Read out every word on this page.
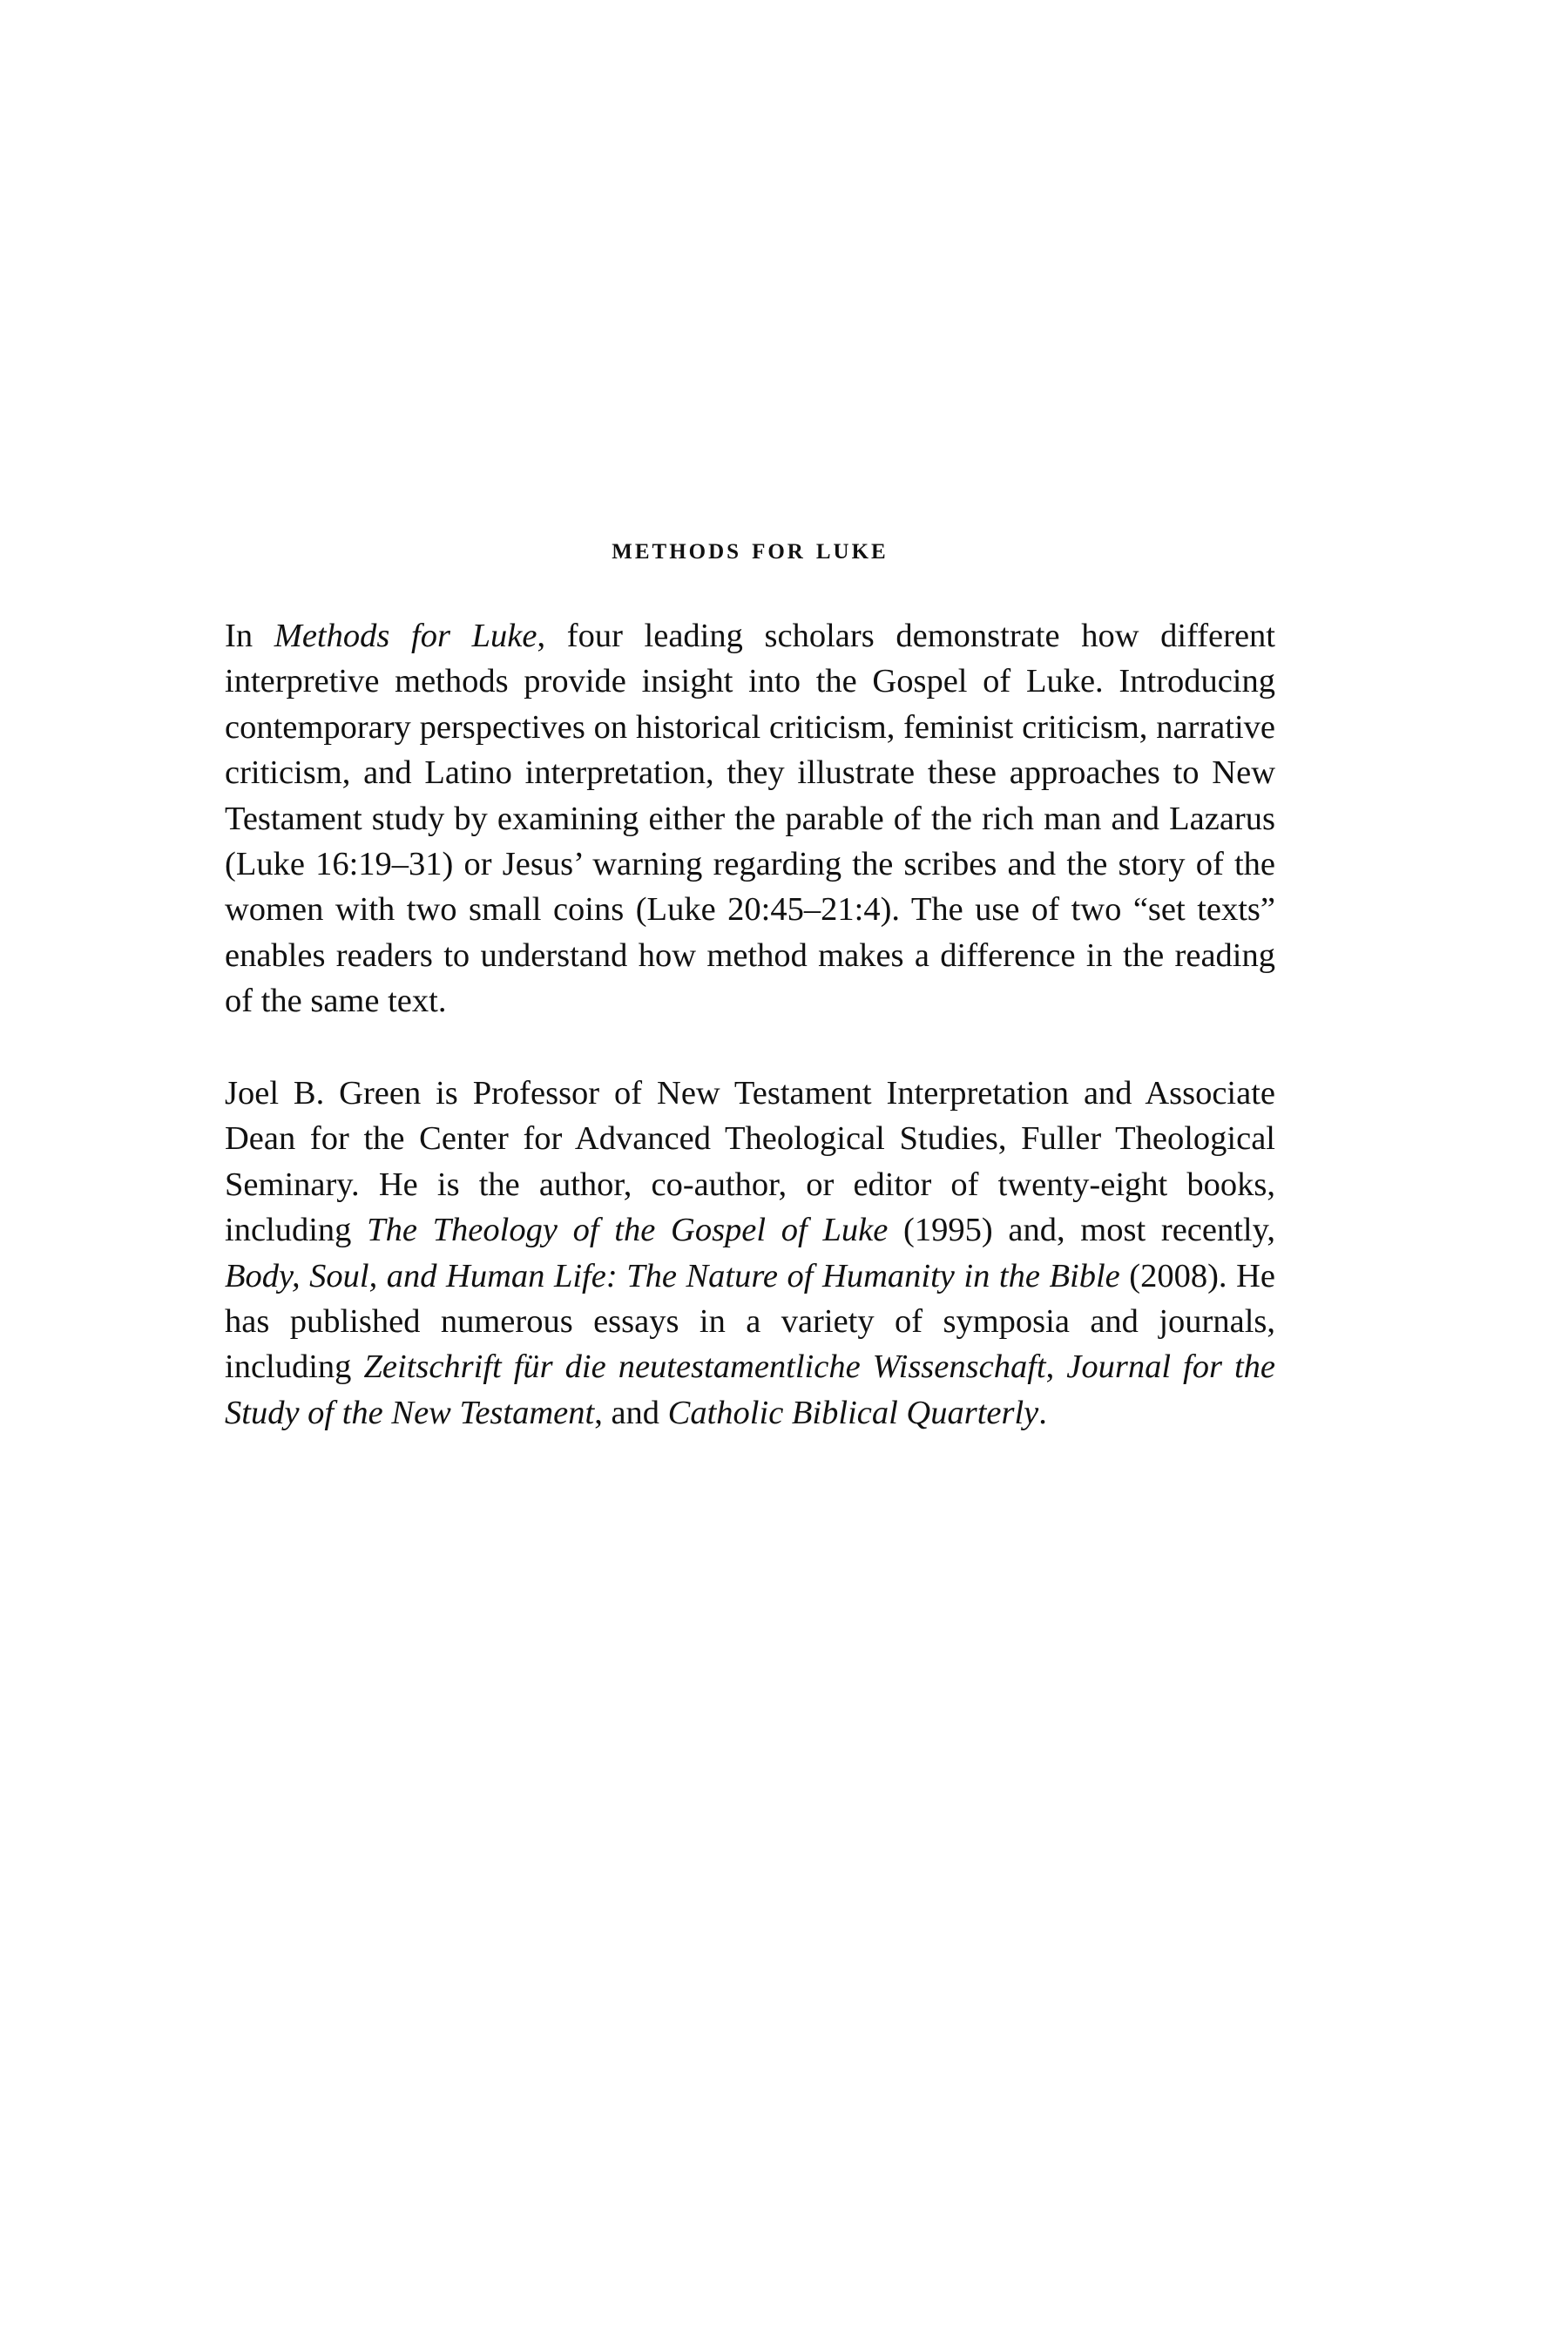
methods for luke

In Methods for Luke, four leading scholars demonstrate how different interpretive methods provide insight into the Gospel of Luke. Introducing contemporary perspectives on historical criticism, feminist criticism, narrative criticism, and Latino interpretation, they illustrate these approaches to New Testament study by examining either the parable of the rich man and Lazarus (Luke 16:19–31) or Jesus’ warning regarding the scribes and the story of the women with two small coins (Luke 20:45–21:4). The use of two “set texts” enables readers to understand how method makes a difference in the reading of the same text.

Joel B. Green is Professor of New Testament Interpretation and Associate Dean for the Center for Advanced Theological Studies, Fuller Theological Seminary. He is the author, co-author, or editor of twenty-eight books, including The Theology of the Gospel of Luke (1995) and, most recently, Body, Soul, and Human Life: The Nature of Humanity in the Bible (2008). He has published numerous essays in a variety of symposia and journals, including Zeitschrift für die neutestamentliche Wissenschaft, Journal for the Study of the New Testament, and Catholic Biblical Quarterly.
